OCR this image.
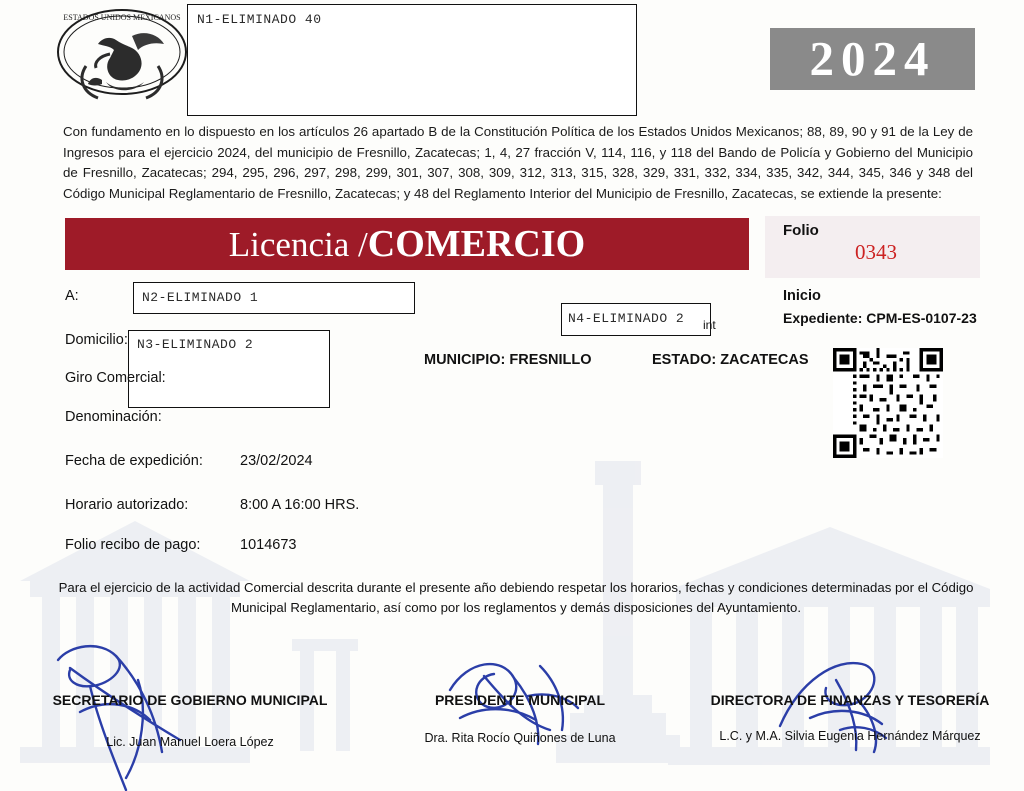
ESTADOS UNIDOS MEXICANOS N1-ELIMINADO 40
2024
Con fundamento en lo dispuesto en los artículos 26 apartado B de la Constitución Política de los Estados Unidos Mexicanos; 88, 89, 90 y 91 de la Ley de Ingresos para el ejercicio 2024, del municipio de Fresnillo, Zacatecas; 1, 4, 27 fracción V, 114, 116, y 118 del Bando de Policía y Gobierno del Municipio de Fresnillo, Zacatecas; 294, 295, 296, 297, 298, 299, 301, 307, 308, 309, 312, 313, 315, 328, 329, 331, 332, 334, 335, 342, 344, 345, 346 y 348 del Código Municipal Reglamentario de Fresnillo, Zacatecas; y 48 del Reglamento Interior del Municipio de Fresnillo, Zacatecas, se extiende la presente:
Licencia /COMERCIO	Folio
0343
Inicio
Expediente: CPM-ES-0107-23
A:	N2-ELIMINADO 1
Domicilio: N3-ELIMINADO 2
Giro Comercial:
Denominación:
N4-ELIMINADO 2 int
MUNICIPIO: FRESNILLO	ESTADO: ZACATECAS
Fecha de expedición:	23/02/2024
Horario autorizado:	8:00 A 16:00 HRS.
Folio recibo de pago:	1014673
Para el ejercicio de la actividad Comercial descrita durante el presente año debiendo respetar los horarios, fechas y condiciones determinadas por el Código Municipal Reglamentario, así como por los reglamentos y demás disposiciones del Ayuntamiento.
SECRETARIO DE GOBIERNO MUNICIPAL
Lic. Juan Manuel Loera López
PRESIDENTE MUNICIPAL
Dra. Rita Rocío Quiñones de Luna
DIRECTORA DE FINANZAS Y TESORERÍA
L.C. y M.A. Silvia Eugenia Hernández Márquez
